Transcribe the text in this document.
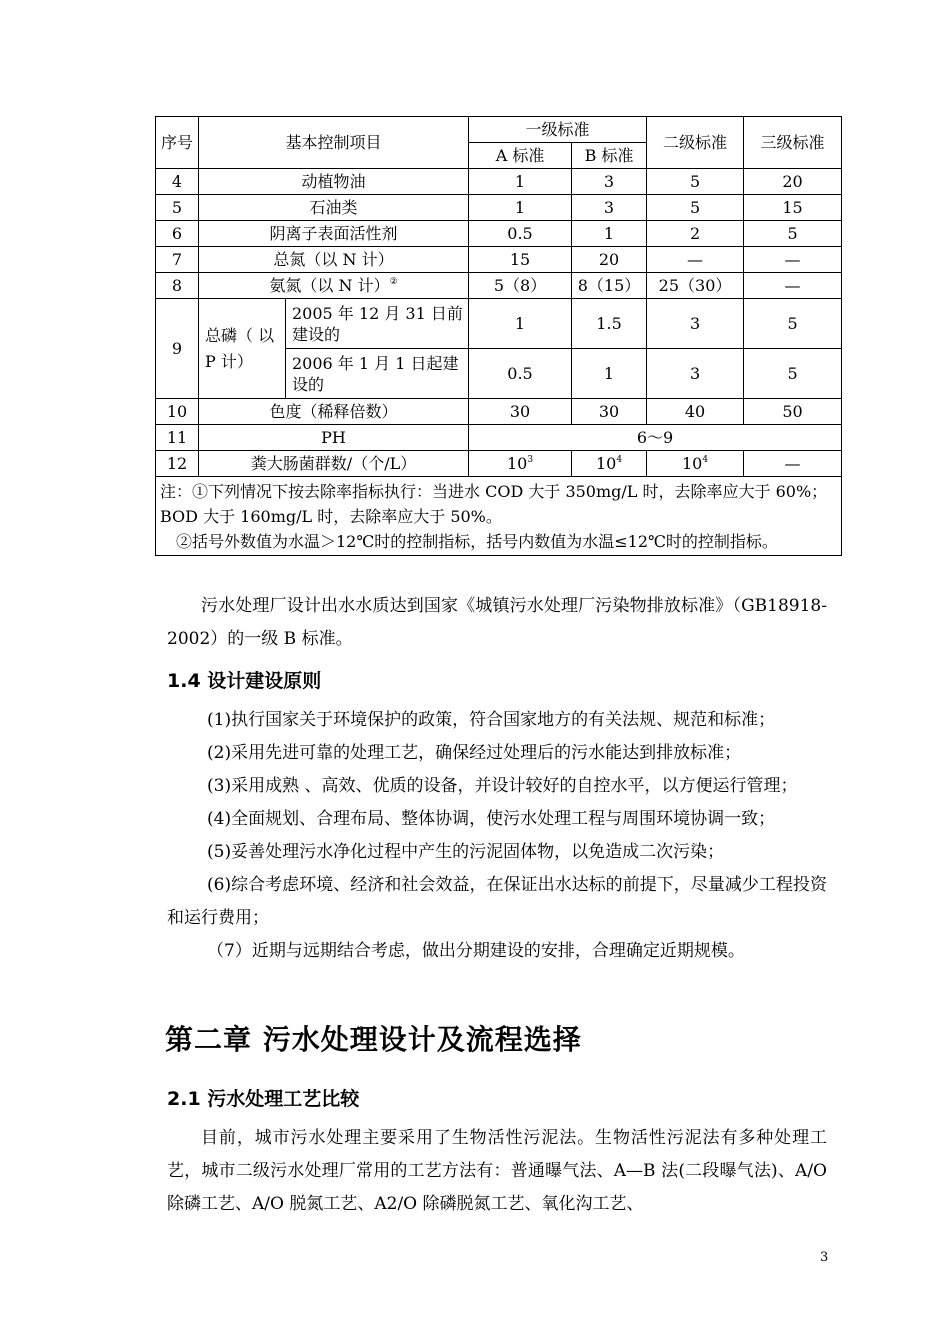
序号	基本控制项目		一级标准		二级标准	三级标准
			A 标准	B 标准		
4	动植物油		1	3	5	20
5	石油类		1	3	5	15
6	阴离子表面活性剂		0.5	1	2	5
7	总氮（以 N 计）		15	20	—	—
8	氨氮（以 N 计）②		5（8）	8（15）	25（30）	—
9	总磷（ 以 P 计）	2005 年 12 月 31 日前建设的	1	1.5	3	5
		2006 年 1 月 1 日起建设的	0.5	1	3	5
10	色度（稀释倍数）		30	30	40	50
11	PH		6～9			
12	粪大肠菌群数/（个/L）		$10^3$	$10^4$	$10^4$	—

注：①下列情况下按去除率指标执行：当进水 COD 大于 350mg/L 时，去除率应大于 60%；BOD 大于 160mg/L 时，去除率应大于 50%。
②括号外数值为水温＞12℃时的控制指标，括号内数值为水温≤12℃时的控制指标。						
污水处理厂设计出水水质达到国家《城镇污水处理厂污染物排放标准》（GB18918-2002）的一级 B 标准。
1.4 设计建设原则
(1)执行国家关于环境保护的政策，符合国家地方的有关法规、规范和标准；
(2)采用先进可靠的处理工艺，确保经过处理后的污水能达到排放标准；
(3)采用成熟 、高效、优质的设备，并设计较好的自控水平，以方便运行管理；
(4)全面规划、合理布局、整体协调，使污水处理工程与周围环境协调一致；
(5)妥善处理污水净化过程中产生的污泥固体物，以免造成二次污染；
(6)综合考虑环境、经济和社会效益，在保证出水达标的前提下，尽量减少工程投资和运行费用；
（7）近期与远期结合考虑，做出分期建设的安排，合理确定近期规模。
第二章 污水处理设计及流程选择
2.1 污水处理工艺比较
目前，城市污水处理主要采用了生物活性污泥法。生物活性污泥法有多种处理工艺，城市二级污水处理厂常用的工艺方法有：普通曝气法、A—B 法(二段曝气法)、A/O 除磷工艺、A/O 脱氮工艺、A2/O 除磷脱氮工艺、氧化沟工艺、
3
